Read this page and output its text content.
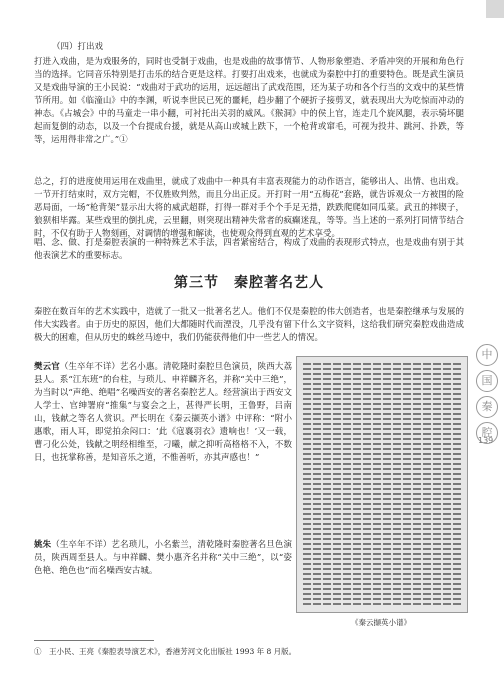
（四）打出戏
打进入戏曲，是为戏服务的，同时也受制于戏曲，也是戏曲的故事情节、人物形象塑造、矛盾冲突的开展和角色行当的选择。它同音乐特别是打击乐的结合更是这样。打要打出戏来，也就成为秦腔中打的重要特色。既是武生演员又是戏曲导演的王小民说：“戏曲对于武功的运用，远远超出了武戏范围，还为某子功和各个行当的文戏中的某些情节所用。如《临潼山》中的李渊，听说李世民已死的噩耗，趋步翻了个硬折子接剪叉，就表现出大为吃惊而冲动的神态。《占城会》中的马童走一串小翻，可衬托出关羽的威风。《猴洞》中的侯上官，连走几个旋风腿，表示骑坏腿起而复倒的动态，以及一个台提成台援，就是从高山或城上跌下，一个枪背或窜毛，可视为投井、跳河、扑跌，等等，运用得非常之广。”①
总之，打的进度使用运用在戏曲里，就成了戏曲中一种具有丰富表现能力的动作语言，能够出人、出情、也出戏。一节开打结束时，双方完帽，不仅胜败判然，而且分出正反。开打时一用“五梅花”套路，就告诉观众一方被围的险恶局面，一场“枪背架”显示出大将的威武超群，打得一群对手个个手足无措，跌跌爬爬如同瓜菜。武丑的摔锲子，狼狈相毕露。某些戏里的倒扎虎，云里翻，则突现出精神失常者的疯癫迷乱，等等。当上述的一系列打同情节结合时，不仅有助于人物刻画，对调情的增强和解读，也使观众得到直观的艺术享受。
唱、念、做、打是秦腔表演的一种特殊艺术手法，四者紧密结合，构成了戏曲的表现形式特点，也是戏曲有别于其他表演艺术的重要标志。
第三节　秦腔著名艺人
秦腔在数百年的艺术实践中，造就了一批又一批著名艺人。他们不仅是秦腔的伟大创造者，也是秦腔继承与发展的伟大实践者。由于历史的原因，他们大都随时代而湮没，几乎没有留下什么文字资料，这给我们研究秦腔戏曲造成极大的困难，但从历史的蛛丝马迹中，我们仍能获得他们中一些艺人的情况。
樊云官（生卒年不详）艺名小惠。清乾隆时秦腔旦色演员，陕西大荔县人。系“江东班”的台柱，与琐儿、申祥麟齐名，并称“关中三绝”，为当时以“声绝、绝唱”名噪西安的著名秦腔艺人。经营演出于西安文人学士、官绅署府“推集”与宴会之上，甚得严长明，王鲁野，吕南山，钱献之等名人赏识。严长明在《秦云撷英小谱》中评称：“附小惠歌，雨人耳，即觉拍余闷口：‘此《寇襄羽衣》遗响也！’又一载，曹刁化公处，钱献之明经相维至，刁曦，献之抑听高格格不入，不数日，也抚掌称善，是知音乐之道，不惟善听，亦其声感也！”
姚朱（生卒年不详）艺名琐儿，小名紫兰，清乾隆时秦腔著名旦色演员，陕西周至县人。与申祥麟、樊小惠齐名并称“关中三绝”，以“姿色艳、绝色也”而名噪西安古城。
《秦云撷英小谱》
①　王小民、王亮《秦腔表导演艺术》，香港芳河文化出版社 1993 年 8 月版。
中
国
秦
腔
139
